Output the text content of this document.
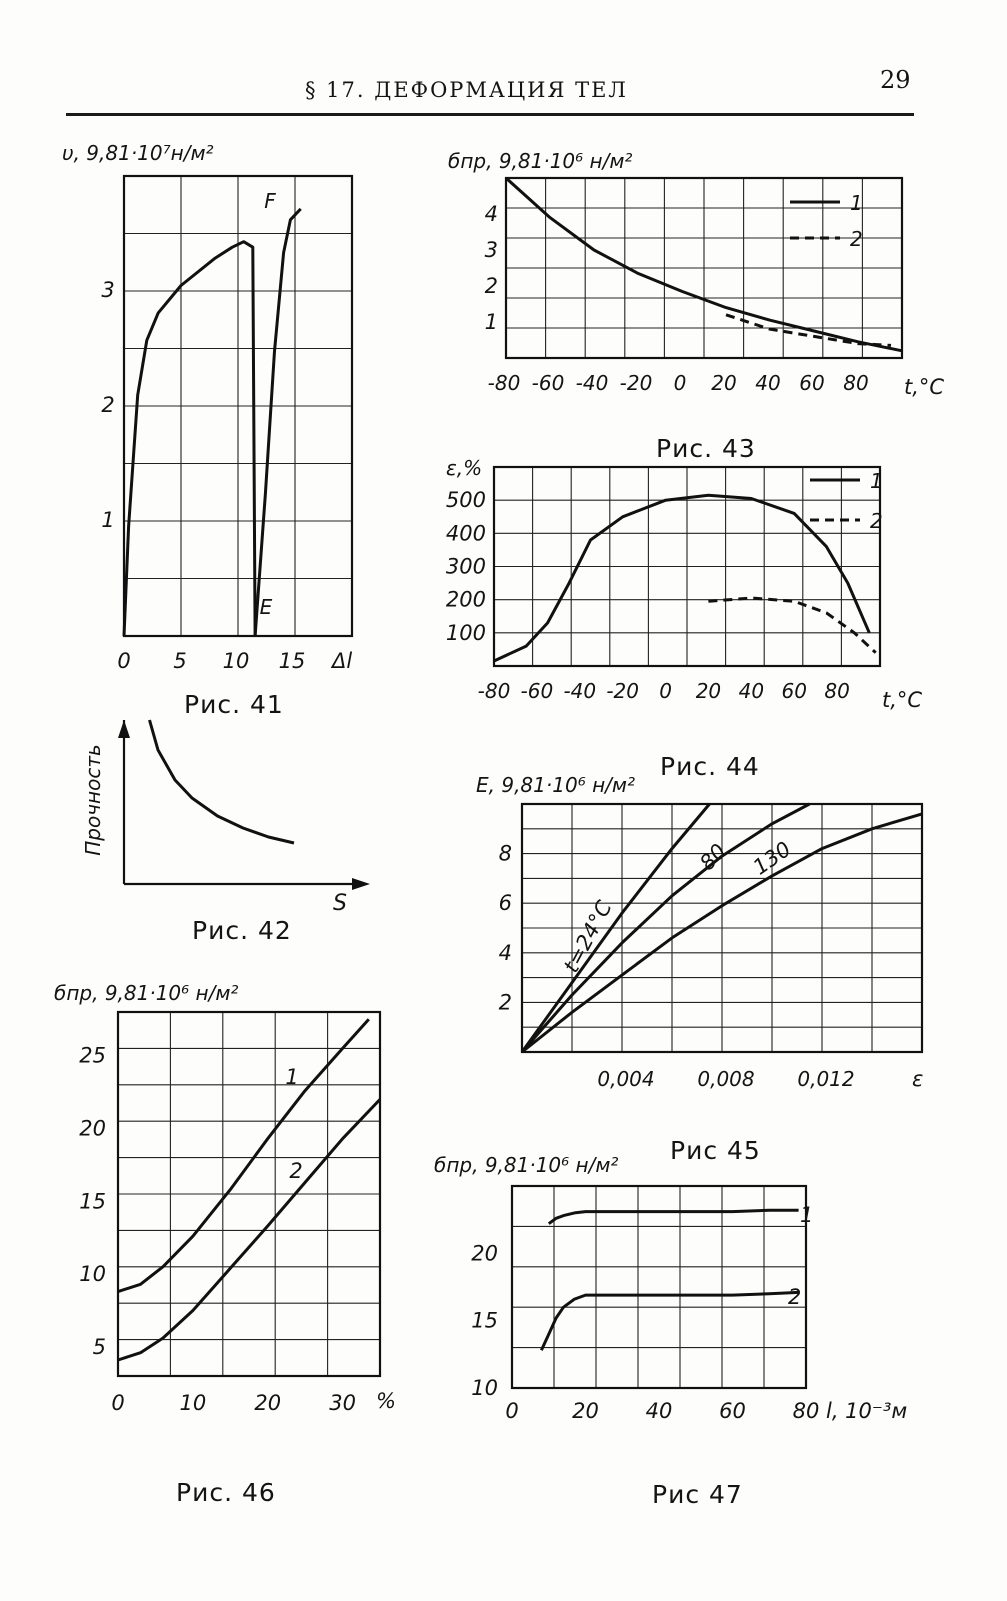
§ 17. ДЕФОРМАЦИЯ ТЕЛ	29
0 5 10 15
1
2
3
F
E
υ, 9,81·10⁷н/м²
Δl
Прочность
S
-80 -60 -40 -20 0 20 40 60 80
1
2
3
4
бпр, 9,81·10⁶ н/м²
t,°C
1
2
-80 -60 -40 -20 0 20 40 60 80
100
200
300
400
500
ε,%
t,°C
1
2
0,004 0,008 0,012
2
4
6
8
E, 9,81·10⁶ н/м²
ε
t=24°C
80 130
0	10 20 30
5
10
15
20
25
бпр, 9,81·10⁶ н/м²
%
1
2
0	20 40 60 80
10
15
20
бпр, 9,81·10⁶ н/м²
l, 10⁻³м
1
2
Рис. 41
Рис. 42
Рис. 43
Рис. 44
Рис 45
Рис. 46	Рис 47
